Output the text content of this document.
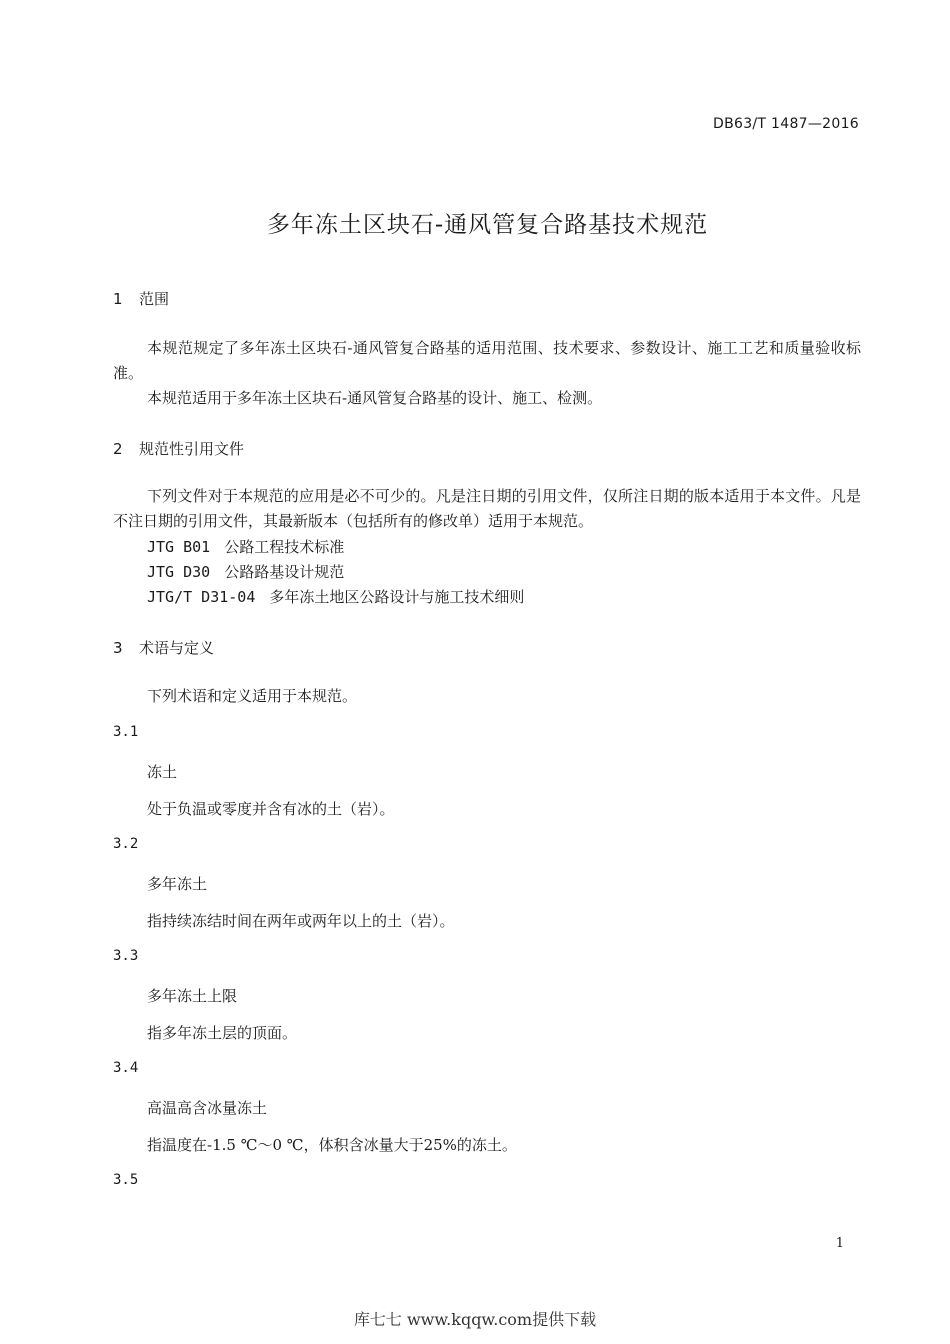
DB63/T 1487—2016
多年冻土区块石-通风管复合路基技术规范
1 范围
本规范规定了多年冻土区块石-通风管复合路基的适用范围、技术要求、参数设计、施工工艺和质量验收标准。
本规范适用于多年冻土区块石-通风管复合路基的设计、施工、检测。
2 规范性引用文件
下列文件对于本规范的应用是必不可少的。凡是注日期的引用文件，仅所注日期的版本适用于本文件。凡是不注日期的引用文件，其最新版本（包括所有的修改单）适用于本规范。
JTG B01 公路工程技术标准
JTG D30 公路路基设计规范
JTG/T D31-04 多年冻土地区公路设计与施工技术细则
3 术语与定义
下列术语和定义适用于本规范。
3.1
冻土
处于负温或零度并含有冰的土（岩）。
3.2
多年冻土
指持续冻结时间在两年或两年以上的土（岩）。
3.3
多年冻土上限
指多年冻土层的顶面。
3.4
高温高含冰量冻土
指温度在-1.5 ℃～0 ℃，体积含冰量大于25%的冻土。
3.5
1
库七七 www.kqqw.com提供下载
